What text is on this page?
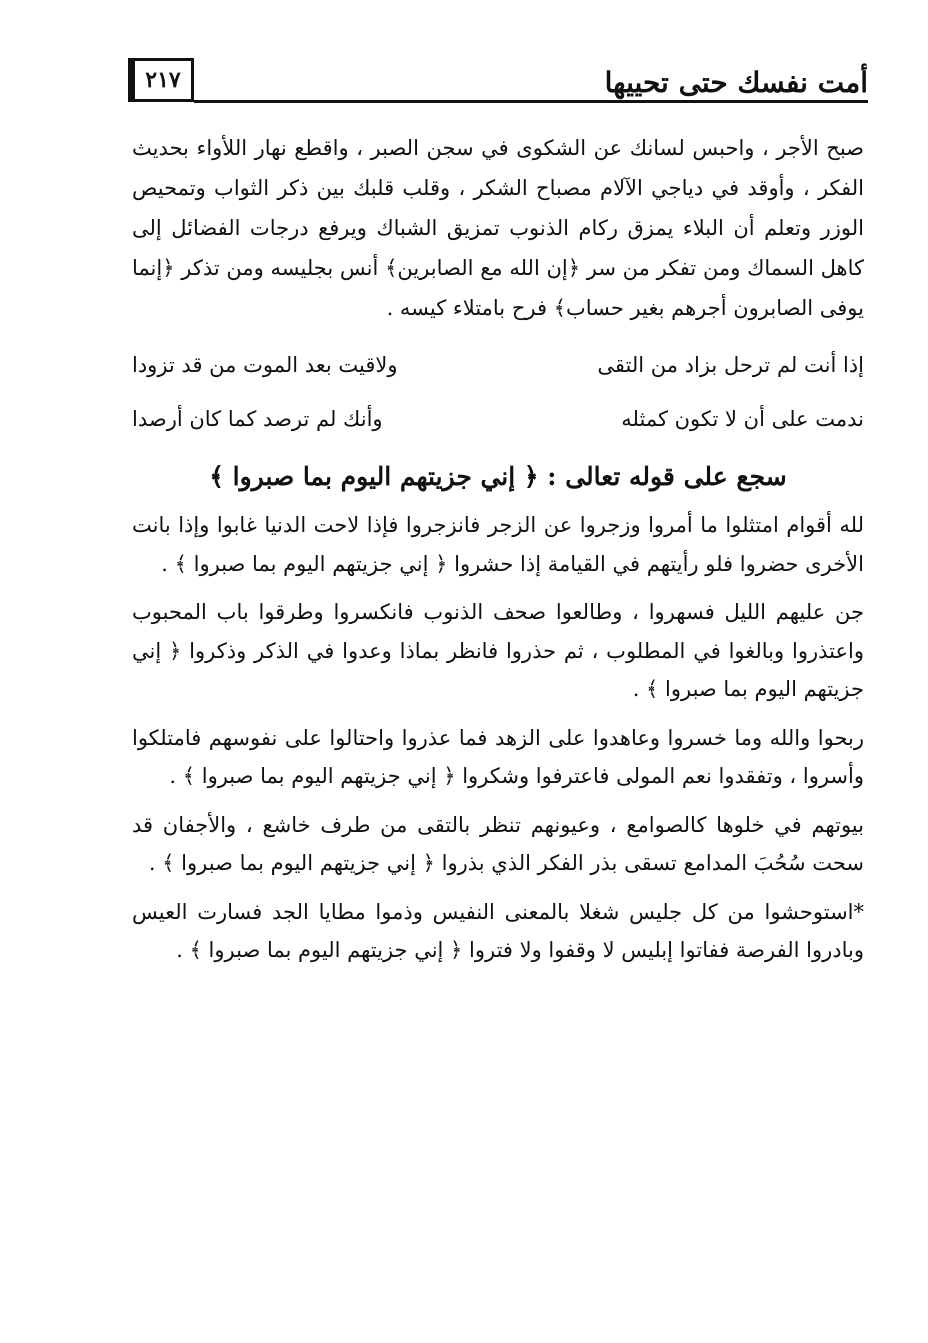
٢١٧	أمت نفسك حتى تحييها

صبح الأجر ، واحبس لسانك عن الشكوى في سجن الصبر ، واقطع نهار اللأواء بحديث الفكر ، وأوقد في دياجي الآلام مصباح الشكر ، وقلب قلبك بين ذكر الثواب وتمحيص الوزر وتعلم أن البلاء يمزق ركام الذنوب تمزيق الشباك ويرفع درجات الفضائل إلى كاهل السماك ومن تفكر من سر ﴿إن الله مع الصابرين﴾ أنس بجليسه ومن تذكر ﴿إنما يوفى الصابرون أجرهم بغير حساب﴾ فرح بامتلاء كيسه .

إذا أنت لم ترحل بزاد من التقى
ولاقيت بعد الموت من قد تزودا
ندمت على أن لا تكون كمثله
وأنك لم ترصد كما كان أرصدا
سجع على قوله تعالى : ﴿ إني جزيتهم اليوم بما صبروا ﴾

لله أقوام امتثلوا ما أمروا وزجروا عن الزجر فانزجروا فإذا لاحت الدنيا غابوا وإذا بانت الأخرى حضروا فلو رأيتهم في القيامة إذا حشروا ﴿ إني جزيتهم اليوم بما صبروا ﴾ .

جن عليهم الليل فسهروا ، وطالعوا صحف الذنوب فانكسروا وطرقوا باب المحبوب واعتذروا وبالغوا في المطلوب ، ثم حذروا فانظر بماذا وعدوا في الذكر وذكروا ﴿ إني جزيتهم اليوم بما صبروا ﴾ .

ربحوا والله وما خسروا وعاهدوا على الزهد فما عذروا واحتالوا على نفوسهم فامتلكوا وأسروا ، وتفقدوا نعم المولى فاعترفوا وشكروا ﴿ إني جزيتهم اليوم بما صبروا ﴾ .

بيوتهم في خلوها كالصوامع ، وعيونهم تنظر بالتقى من طرف خاشع ، والأجفان قد سحت سُحُبَ المدامع تسقى بذر الفكر الذي بذروا ﴿ إني جزيتهم اليوم بما صبروا ﴾ .

*استوحشوا من كل جليس شغلا بالمعنى النفيس وذموا مطايا الجد فسارت العيس وبادروا الفرصة ففاتوا إبليس لا وقفوا ولا فتروا ﴿ إني جزيتهم اليوم بما صبروا ﴾ .
